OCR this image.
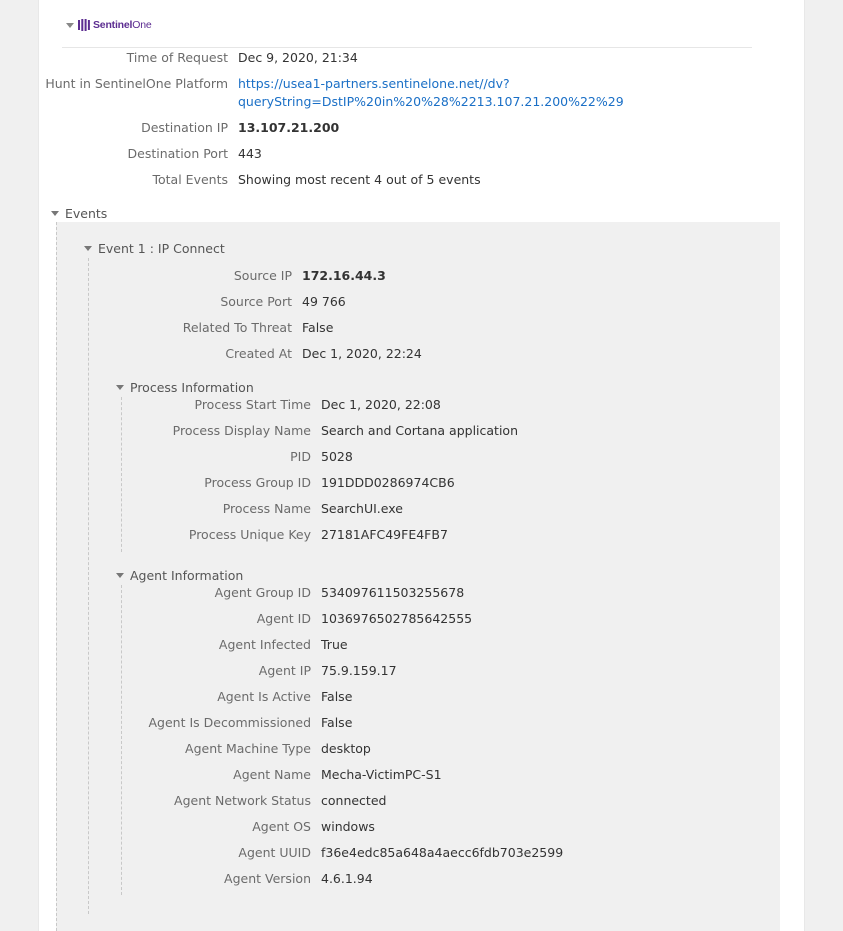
SentinelOne
Time of Request Dec 9, 2020, 21:34
Hunt in SentinelOne Platform https://usea1-partners.sentinelone.net//dv?
queryString=DstIP%20in%20%28%2213.107.21.200%22%29
Destination IP 13.107.21.200
Destination Port 443
Total Events Showing most recent 4 out of 5 events
Events
Event 1 : IP Connect
Source IP 172.16.44.3
Source Port 49 766
Related To Threat False
Created At Dec 1, 2020, 22:24
Process Information
Process Start Time Dec 1, 2020, 22:08
Process Display Name Search and Cortana application
PID 5028
Process Group ID 191DDD0286974CB6
Process Name SearchUI.exe
Process Unique Key 27181AFC49FE4FB7
Agent Information
Agent Group ID 534097611503255678
Agent ID 1036976502785642555
Agent Infected True
Agent IP 75.9.159.17
Agent Is Active False
Agent Is Decommissioned False
Agent Machine Type desktop
Agent Name Mecha-VictimPC-S1
Agent Network Status connected
Agent OS windows
Agent UUID f36e4edc85a648a4aecc6fdb703e2599
Agent Version 4.6.1.94
